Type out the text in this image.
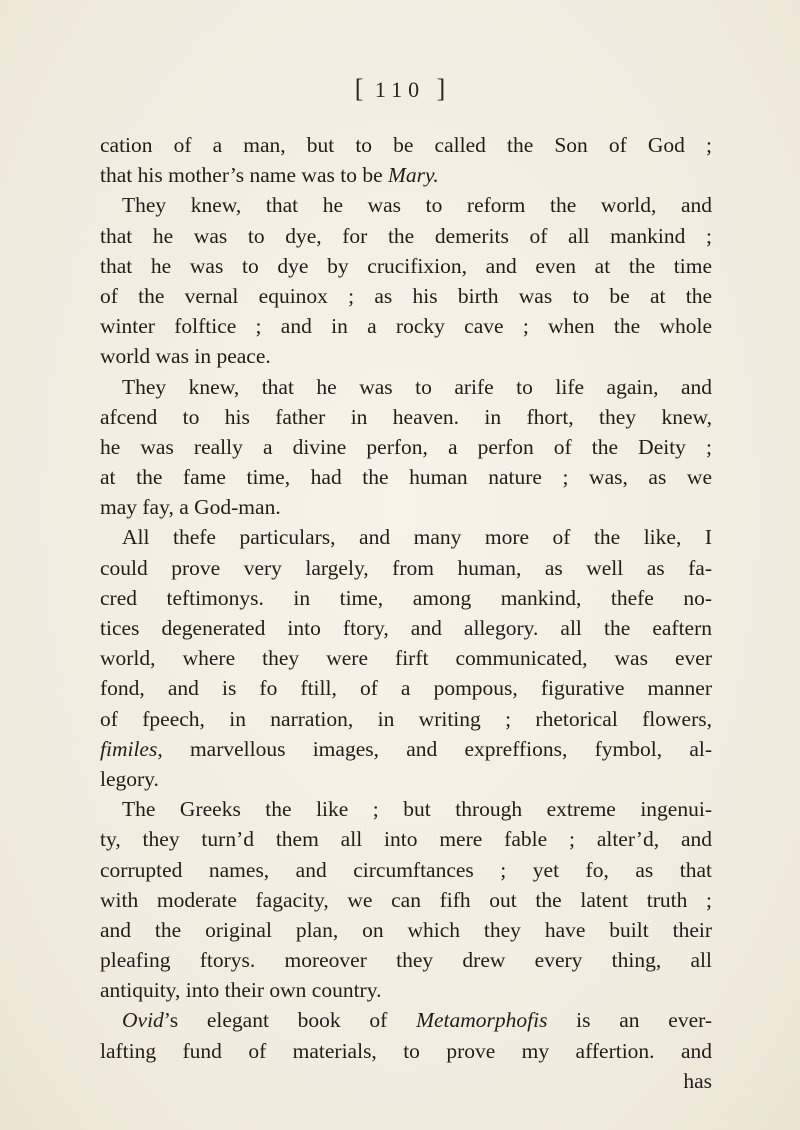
[ 110 ]
cation of a man, but to be called the Son of God ;
that his mother’s name was to be Mary.
They knew, that he was to reform the world, and
that he was to dye, for the demerits of all mankind ;
that he was to dye by crucifixion, and even at the time
of the vernal equinox ; as his birth was to be at the
winter folftice ; and in a rocky cave ; when the whole
world was in peace.
They knew, that he was to arife to life again, and
afcend to his father in heaven. in fhort, they knew,
he was really a divine perfon, a perfon of the Deity ;
at the fame time, had the human nature ; was, as we
may fay, a God-man.
All thefe particulars, and many more of the like, I
could prove very largely, from human, as well as fa-
cred teftimonys. in time, among mankind, thefe no-
tices degenerated into ftory, and allegory. all the eaftern
world, where they were firft communicated, was ever
fond, and is fo ftill, of a pompous, figurative manner
of fpeech, in narration, in writing ; rhetorical flowers,
fimiles, marvellous images, and expreffions, fymbol, al-
legory.
The Greeks the like ; but through extreme ingenui-
ty, they turn’d them all into mere fable ; alter’d, and
corrupted names, and circumftances ; yet fo, as that
with moderate fagacity, we can fifh out the latent truth ;
and the original plan, on which they have built their
pleafing ftorys. moreover they drew every thing, all
antiquity, into their own country.
Ovid’s elegant book of Metamorphofis is an ever-
lafting fund of materials, to prove my affertion. and
has
